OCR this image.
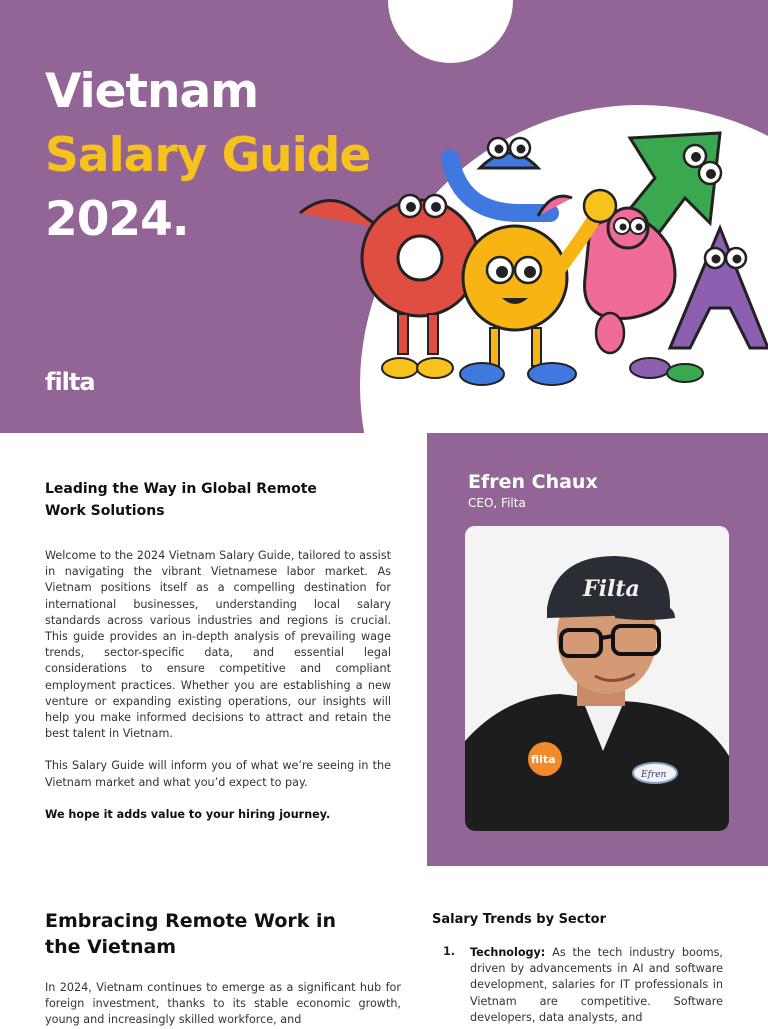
Vietnam
Salary Guide
2024.
filta
Leading the Way in Global Remote
Work Solutions

Welcome to the 2024 Vietnam Salary Guide, tailored to assist in navigating the vibrant Vietnamese labor market. As Vietnam positions itself as a compelling destination for international businesses, understanding local salary standards across various industries and regions is crucial. This guide provides an in-depth analysis of prevailing wage trends, sector-specific data, and essential legal considerations to ensure competitive and compliant employment practices. Whether you are establishing a new venture or expanding existing operations, our insights will help you make informed decisions to attract and retain the best talent in Vietnam.

This Salary Guide will inform you of what we’re seeing in the Vietnam market and what you’d expect to pay.

We hope it adds value to your hiring journey.

Efren Chaux
CEO, Filta
Filta
filta
Efren
Embracing Remote Work in
the Vietnam

In 2024, Vietnam continues to emerge as a significant hub for foreign investment, thanks to its stable economic growth, young and increasingly skilled workforce, and

Salary Trends by Sector
1.	Technology: As the tech industry booms, driven by advancements in AI and software development, salaries for IT professionals in Vietnam are competitive. Software developers, data analysts, and
